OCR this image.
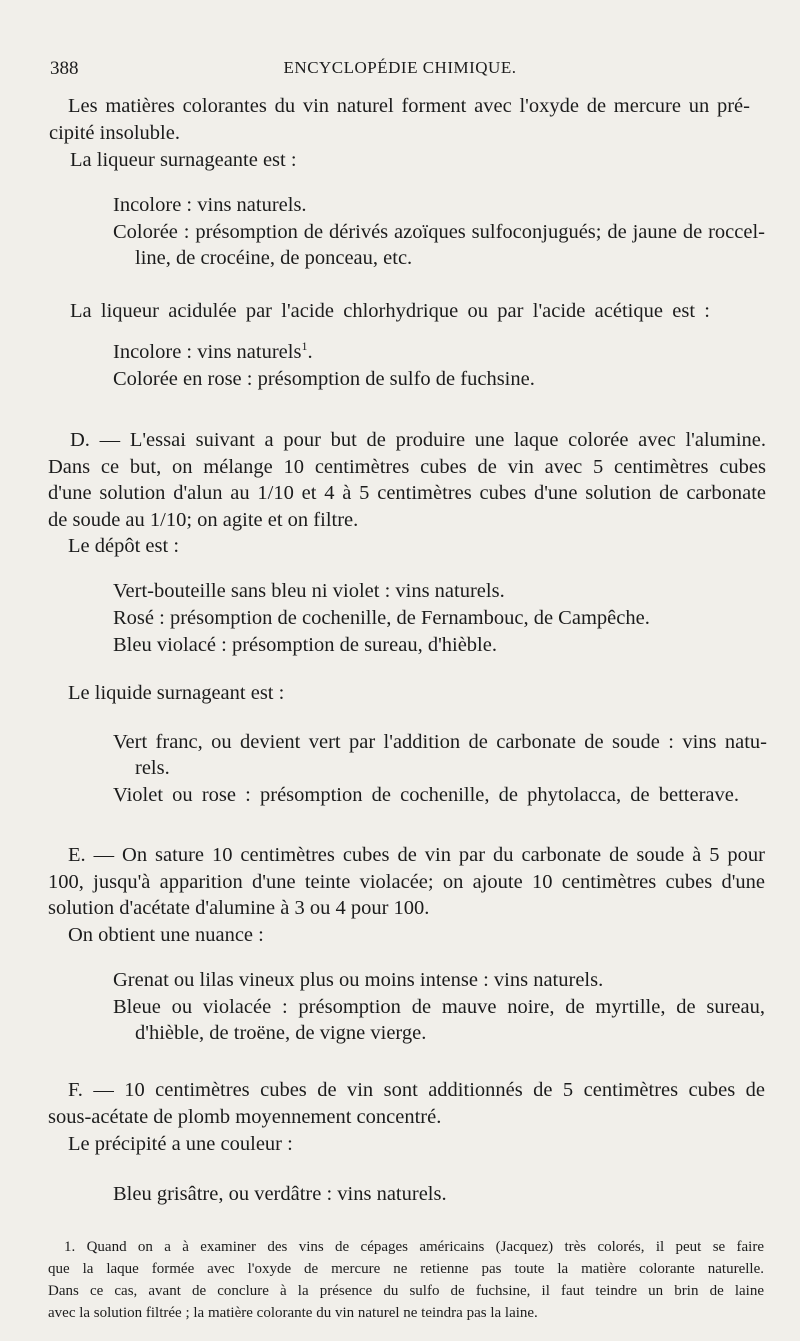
388	ENCYCLOPÉDIE CHIMIQUE.
Les matières colorantes du vin naturel forment avec l'oxyde de mercure un pré-
cipité insoluble.
La liqueur surnageante est :
Incolore : vins naturels.
Colorée : présomption de dérivés azoïques sulfoconjugués; de jaune de roccel-
line, de crocéine, de ponceau, etc.
La liqueur acidulée par l'acide chlorhydrique ou par l'acide acétique est :
Incolore : vins naturels$^1$.
Colorée en rose : présomption de sulfo de fuchsine.
D. — L'essai suivant a pour but de produire une laque colorée avec l'alumine.
Dans ce but, on mélange 10 centimètres cubes de vin avec 5 centimètres cubes
d'une solution d'alun au 1/10 et 4 à 5 centimètres cubes d'une solution de carbonate
de soude au 1/10; on agite et on filtre.
Le dépôt est :
Vert-bouteille sans bleu ni violet : vins naturels.
Rosé : présomption de cochenille, de Fernambouc, de Campêche.
Bleu violacé : présomption de sureau, d'hièble.
Le liquide surnageant est :
Vert franc, ou devient vert par l'addition de carbonate de soude : vins natu-
rels.
Violet ou rose : présomption de cochenille, de phytolacca, de betterave.
E. — On sature 10 centimètres cubes de vin par du carbonate de soude à 5 pour
100, jusqu'à apparition d'une teinte violacée; on ajoute 10 centimètres cubes d'une
solution d'acétate d'alumine à 3 ou 4 pour 100.
On obtient une nuance :
Grenat ou lilas vineux plus ou moins intense : vins naturels.
Bleue ou violacée : présomption de mauve noire, de myrtille, de sureau,
d'hièble, de troëne, de vigne vierge.
F. — 10 centimètres cubes de vin sont additionnés de 5 centimètres cubes de
sous-acétate de plomb moyennement concentré.
Le précipité a une couleur :
Bleu grisâtre, ou verdâtre : vins naturels.
1. Quand on a à examiner des vins de cépages américains (Jacquez) très colorés, il peut se faire
que la laque formée avec l'oxyde de mercure ne retienne pas toute la matière colorante naturelle.
Dans ce cas, avant de conclure à la présence du sulfo de fuchsine, il faut teindre un brin de laine
avec la solution filtrée ; la matière colorante du vin naturel ne teindra pas la laine.
